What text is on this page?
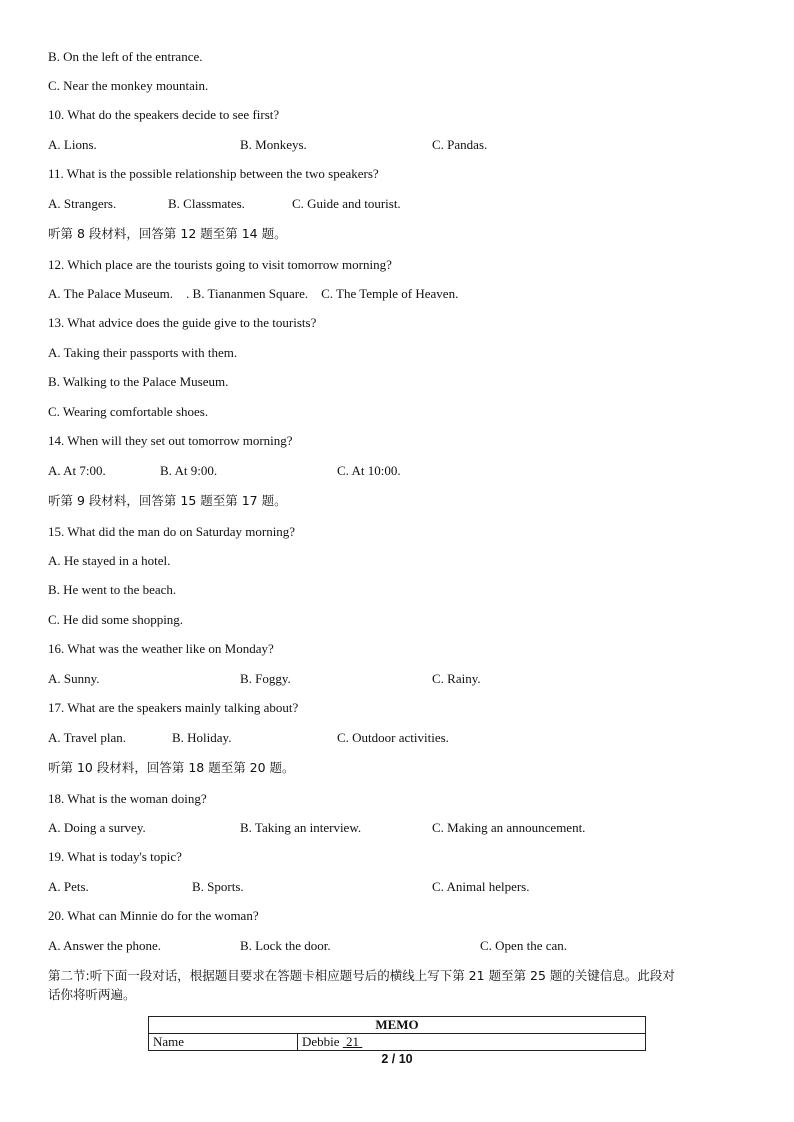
B. On the left of the entrance.
C. Near the monkey mountain.
10. What do the speakers decide to see first?
A. Lions.	B. Monkeys.	C. Pandas.
11. What is the possible relationship between the two speakers?
A. Strangers.	B. Classmates.	C. Guide and tourist.
听第 8 段材料，回答第 12 题至第 14 题。
12. Which place are the tourists going to visit tomorrow morning?
A. The Palace Museum.    . B. Tiananmen Square.    C. The Temple of Heaven.
13. What advice does the guide give to the tourists?
A. Taking their passports with them.
B. Walking to the Palace Museum.
C. Wearing comfortable shoes.
14. When will they set out tomorrow morning?
A. At 7:00.	B. At 9:00.	C. At 10:00.
听第 9 段材料，回答第 15 题至第 17 题。
15. What did the man do on Saturday morning?
A. He stayed in a hotel.
B. He went to the beach.
C. He did some shopping.
16. What was the weather like on Monday?
A. Sunny.	B. Foggy.	C. Rainy.
17. What are the speakers mainly talking about?
A. Travel plan.	B. Holiday.	C. Outdoor activities.
听第 10 段材料，回答第 18 题至第 20 题。
18. What is the woman doing?
A. Doing a survey.	B. Taking an interview.	C. Making an announcement.
19. What is today's topic?
A. Pets.	B. Sports.	C. Animal helpers.
20. What can Minnie do for the woman?
A. Answer the phone.	B. Lock the door.	C. Open the can.
第二节:听下面一段对话，根据题目要求在答题卡相应题号后的横线上写下第 21 题至第 25 题的关键信息。此段对
话你将听两遍。
MEMO
Name	Debbie 21
2 / 10
